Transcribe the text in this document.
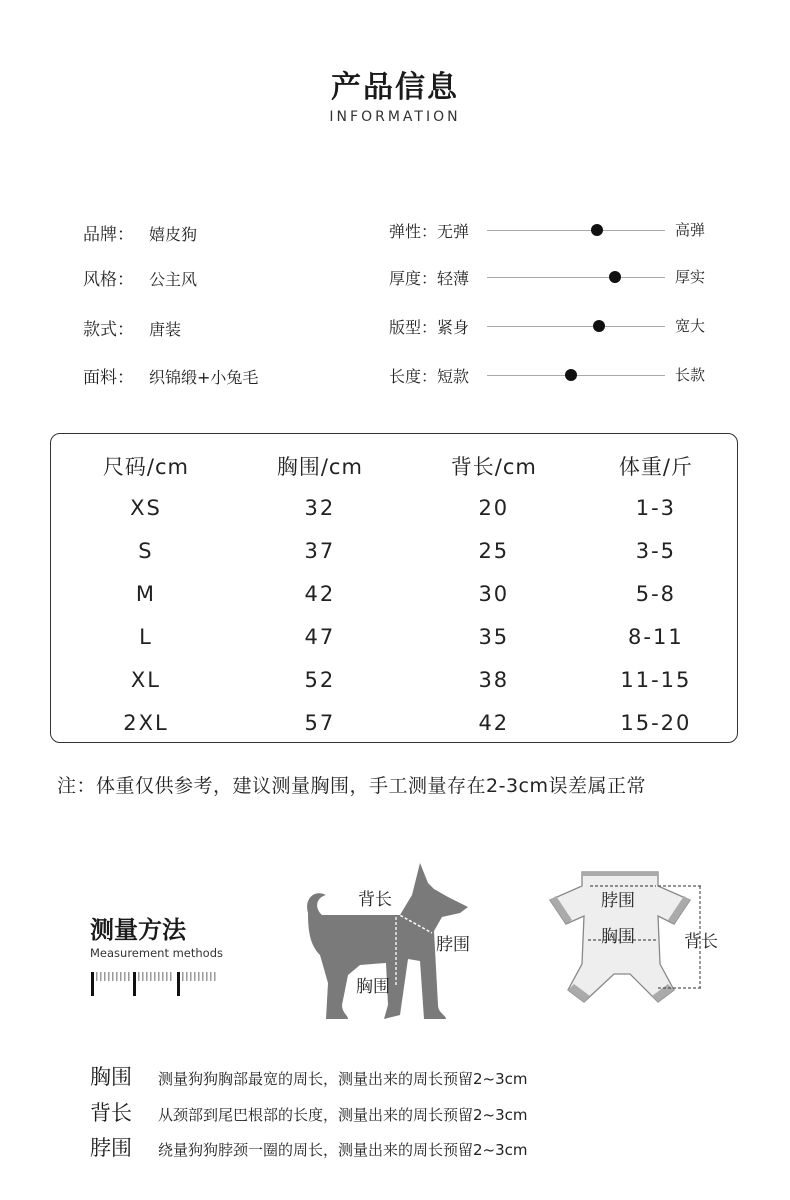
产品信息
INFORMATION
品牌： 嬉皮狗
风格： 公主风
款式： 唐装
面料： 织锦缎+小兔毛
弹性：无弹	高弹
厚度：轻薄	厚实
版型：紧身	宽大
长度：短款	长款
尺码/cm	胸围/cm	背长/cm	体重/斤
XS	32	20	1-3
S	37	25	3-5
M	42	30	5-8
L	47	35	8-11
XL	52	38	11-15
2XL	57	42	15-20
注：体重仅供参考，建议测量胸围，手工测量存在2-3cm误差属正常
测量方法
Measurement methods
背长
脖围
胸围
脖围
胸围	背长
胸围 测量狗狗胸部最宽的周长，测量出来的周长预留2~3cm
背长 从颈部到尾巴根部的长度，测量出来的周长预留2~3cm
脖围 绕量狗狗脖颈一圈的周长，测量出来的周长预留2~3cm
